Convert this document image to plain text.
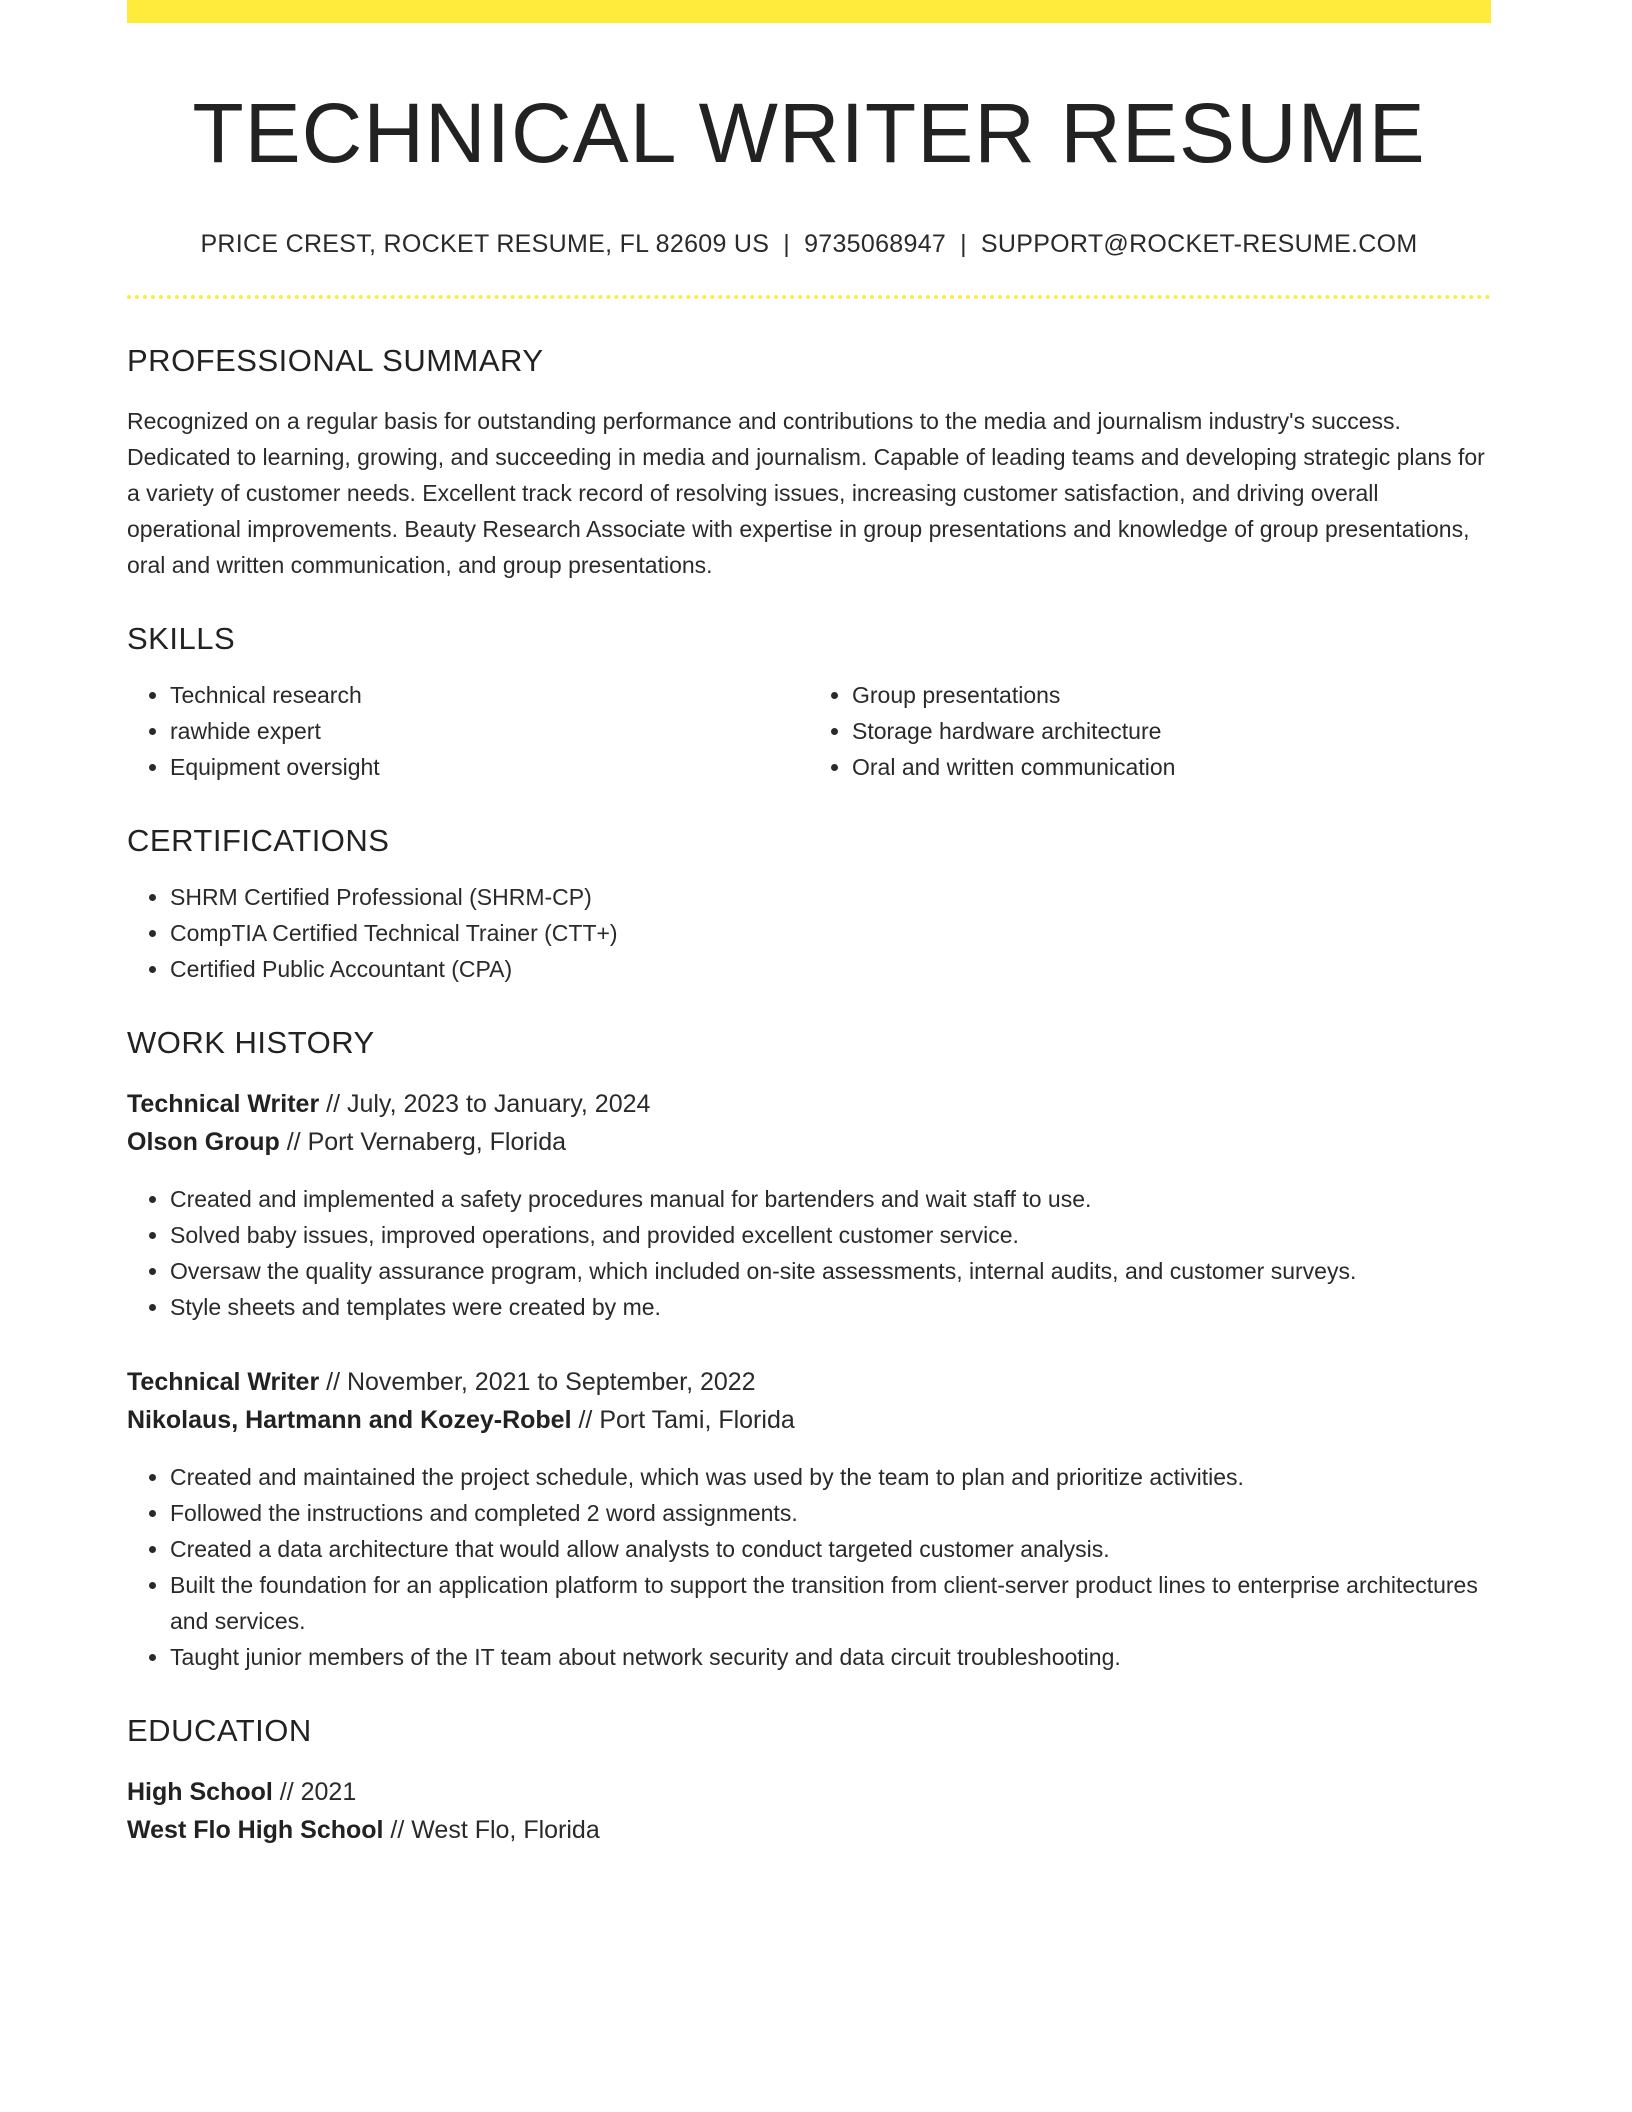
TECHNICAL WRITER RESUME
PRICE CREST, ROCKET RESUME, FL 82609 US | 9735068947 | SUPPORT@ROCKET-RESUME.COM
PROFESSIONAL SUMMARY
Recognized on a regular basis for outstanding performance and contributions to the media and journalism industry's success. Dedicated to learning, growing, and succeeding in media and journalism. Capable of leading teams and developing strategic plans for a variety of customer needs. Excellent track record of resolving issues, increasing customer satisfaction, and driving overall operational improvements. Beauty Research Associate with expertise in group presentations and knowledge of group presentations, oral and written communication, and group presentations.
SKILLS
• Technical research
• rawhide expert
• Equipment oversight
• Group presentations
• Storage hardware architecture
• Oral and written communication
CERTIFICATIONS
• SHRM Certified Professional (SHRM-CP)
• CompTIA Certified Technical Trainer (CTT+)
• Certified Public Accountant (CPA)
WORK HISTORY
Technical Writer // July, 2023 to January, 2024
Olson Group // Port Vernaberg, Florida
• Created and implemented a safety procedures manual for bartenders and wait staff to use.
• Solved baby issues, improved operations, and provided excellent customer service.
• Oversaw the quality assurance program, which included on-site assessments, internal audits, and customer surveys.
• Style sheets and templates were created by me.
Technical Writer // November, 2021 to September, 2022
Nikolaus, Hartmann and Kozey-Robel // Port Tami, Florida
• Created and maintained the project schedule, which was used by the team to plan and prioritize activities.
• Followed the instructions and completed 2 word assignments.
• Created a data architecture that would allow analysts to conduct targeted customer analysis.
• Built the foundation for an application platform to support the transition from client-server product lines to enterprise architectures and services.
• Taught junior members of the IT team about network security and data circuit troubleshooting.
EDUCATION
High School // 2021
West Flo High School // West Flo, Florida
